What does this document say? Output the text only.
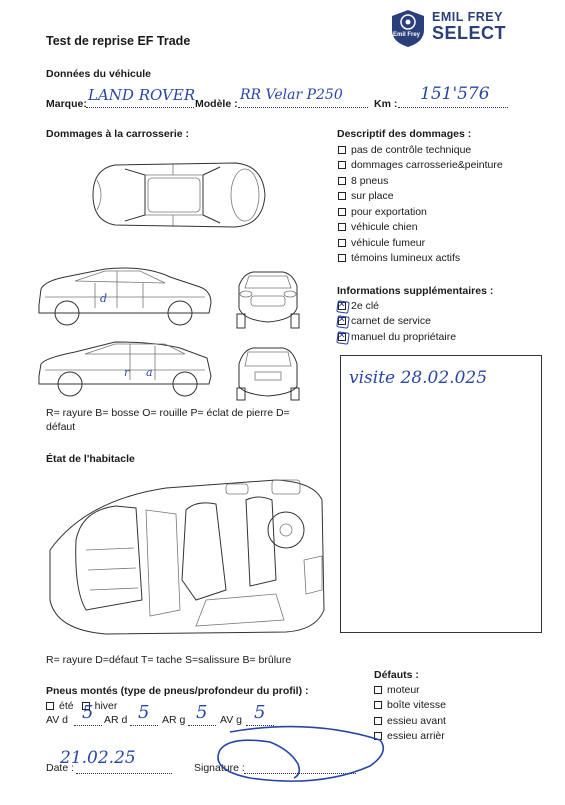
Test de reprise EF Trade	Emil Frey
EMIL FREY
SELECT
Données du véhicule
Marque: LAND ROVER Modèle :
RR Velar P250
Km : 151'576
Dommages à la carrosserie :
d
r a
R= rayure B= bosse O= rouille P= éclat de pierre D= défaut
Descriptif des dommages :
pas de contrôle technique
dommages carrosserie&peinture
8 pneus
sur place
pour exportation
véhicule chien
véhicule fumeur
témoins lumineux actifs
Informations supplémentaires :
✕
2e clé
✕
carnet de service
✕
manuel du propriétaire
visite 28.02.025
État de l'habitacle
R= rayure D=défaut T= tache S=salissure B= brûlure
Pneus montés (type de pneus/profondeur du profil) :
été hiver
AV d 5 AR d 5 AR g 5 AV g 5
Défauts :
moteur
boîte vitesse
essieu avant
essieu arrièr
Date :
21.02.25	Signature :
